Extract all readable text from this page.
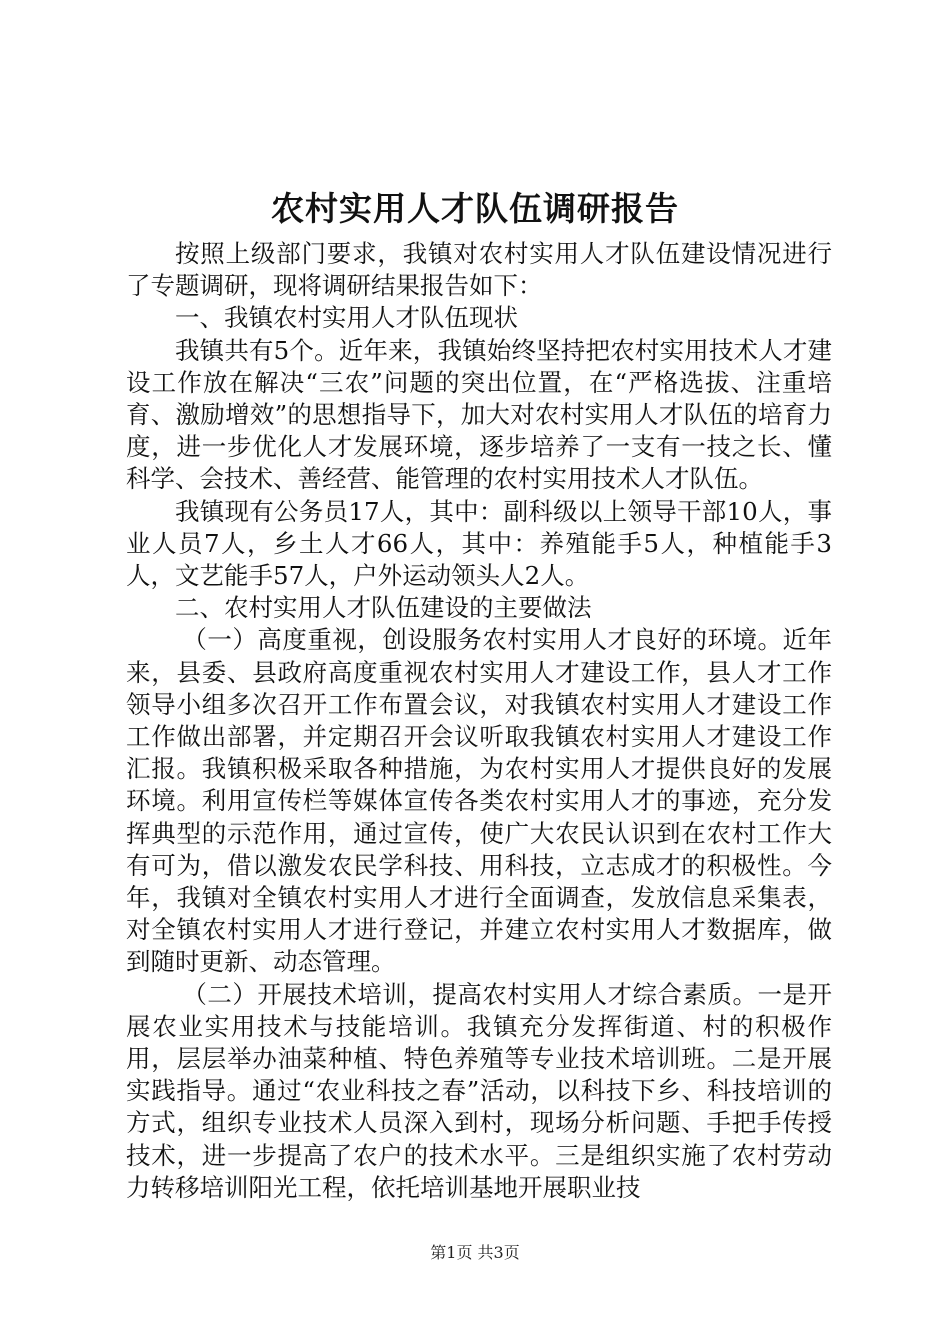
农村实用人才队伍调研报告

按照上级部门要求，我镇对农村实用人才队伍建设情况进行了专题调研，现将调研结果报告如下：

一、我镇农村实用人才队伍现状

我镇共有5个。近年来，我镇始终坚持把农村实用技术人才建设工作放在解决“三农”问题的突出位置，在“严格选拔、注重培育、激励增效”的思想指导下，加大对农村实用人才队伍的培育力度，进一步优化人才发展环境，逐步培养了一支有一技之长、懂科学、会技术、善经营、能管理的农村实用技术人才队伍。

我镇现有公务员17人，其中：副科级以上领导干部10人，事业人员7人，乡土人才66人，其中：养殖能手5人，种植能手3人，文艺能手57人，户外运动领头人2人。

二、农村实用人才队伍建设的主要做法

（一）高度重视，创设服务农村实用人才良好的环境。近年来，县委、县政府高度重视农村实用人才建设工作，县人才工作领导小组多次召开工作布置会议，对我镇农村实用人才建设工作工作做出部署，并定期召开会议听取我镇农村实用人才建设工作汇报。我镇积极采取各种措施，为农村实用人才提供良好的发展环境。利用宣传栏等媒体宣传各类农村实用人才的事迹，充分发挥典型的示范作用，通过宣传，使广大农民认识到在农村工作大有可为，借以激发农民学科技、用科技，立志成才的积极性。今年，我镇对全镇农村实用人才进行全面调查，发放信息采集表，对全镇农村实用人才进行登记，并建立农村实用人才数据库，做到随时更新、动态管理。

（二）开展技术培训，提高农村实用人才综合素质。一是开展农业实用技术与技能培训。我镇充分发挥街道、村的积极作用，层层举办油菜种植、特色养殖等专业技术培训班。二是开展实践指导。通过“农业科技之春”活动，以科技下乡、科技培训的方式，组织专业技术人员深入到村，现场分析问题、手把手传授技术，进一步提高了农户的技术水平。三是组织实施了农村劳动力转移培训阳光工程，依托培训基地开展职业技

第1页 共3页
